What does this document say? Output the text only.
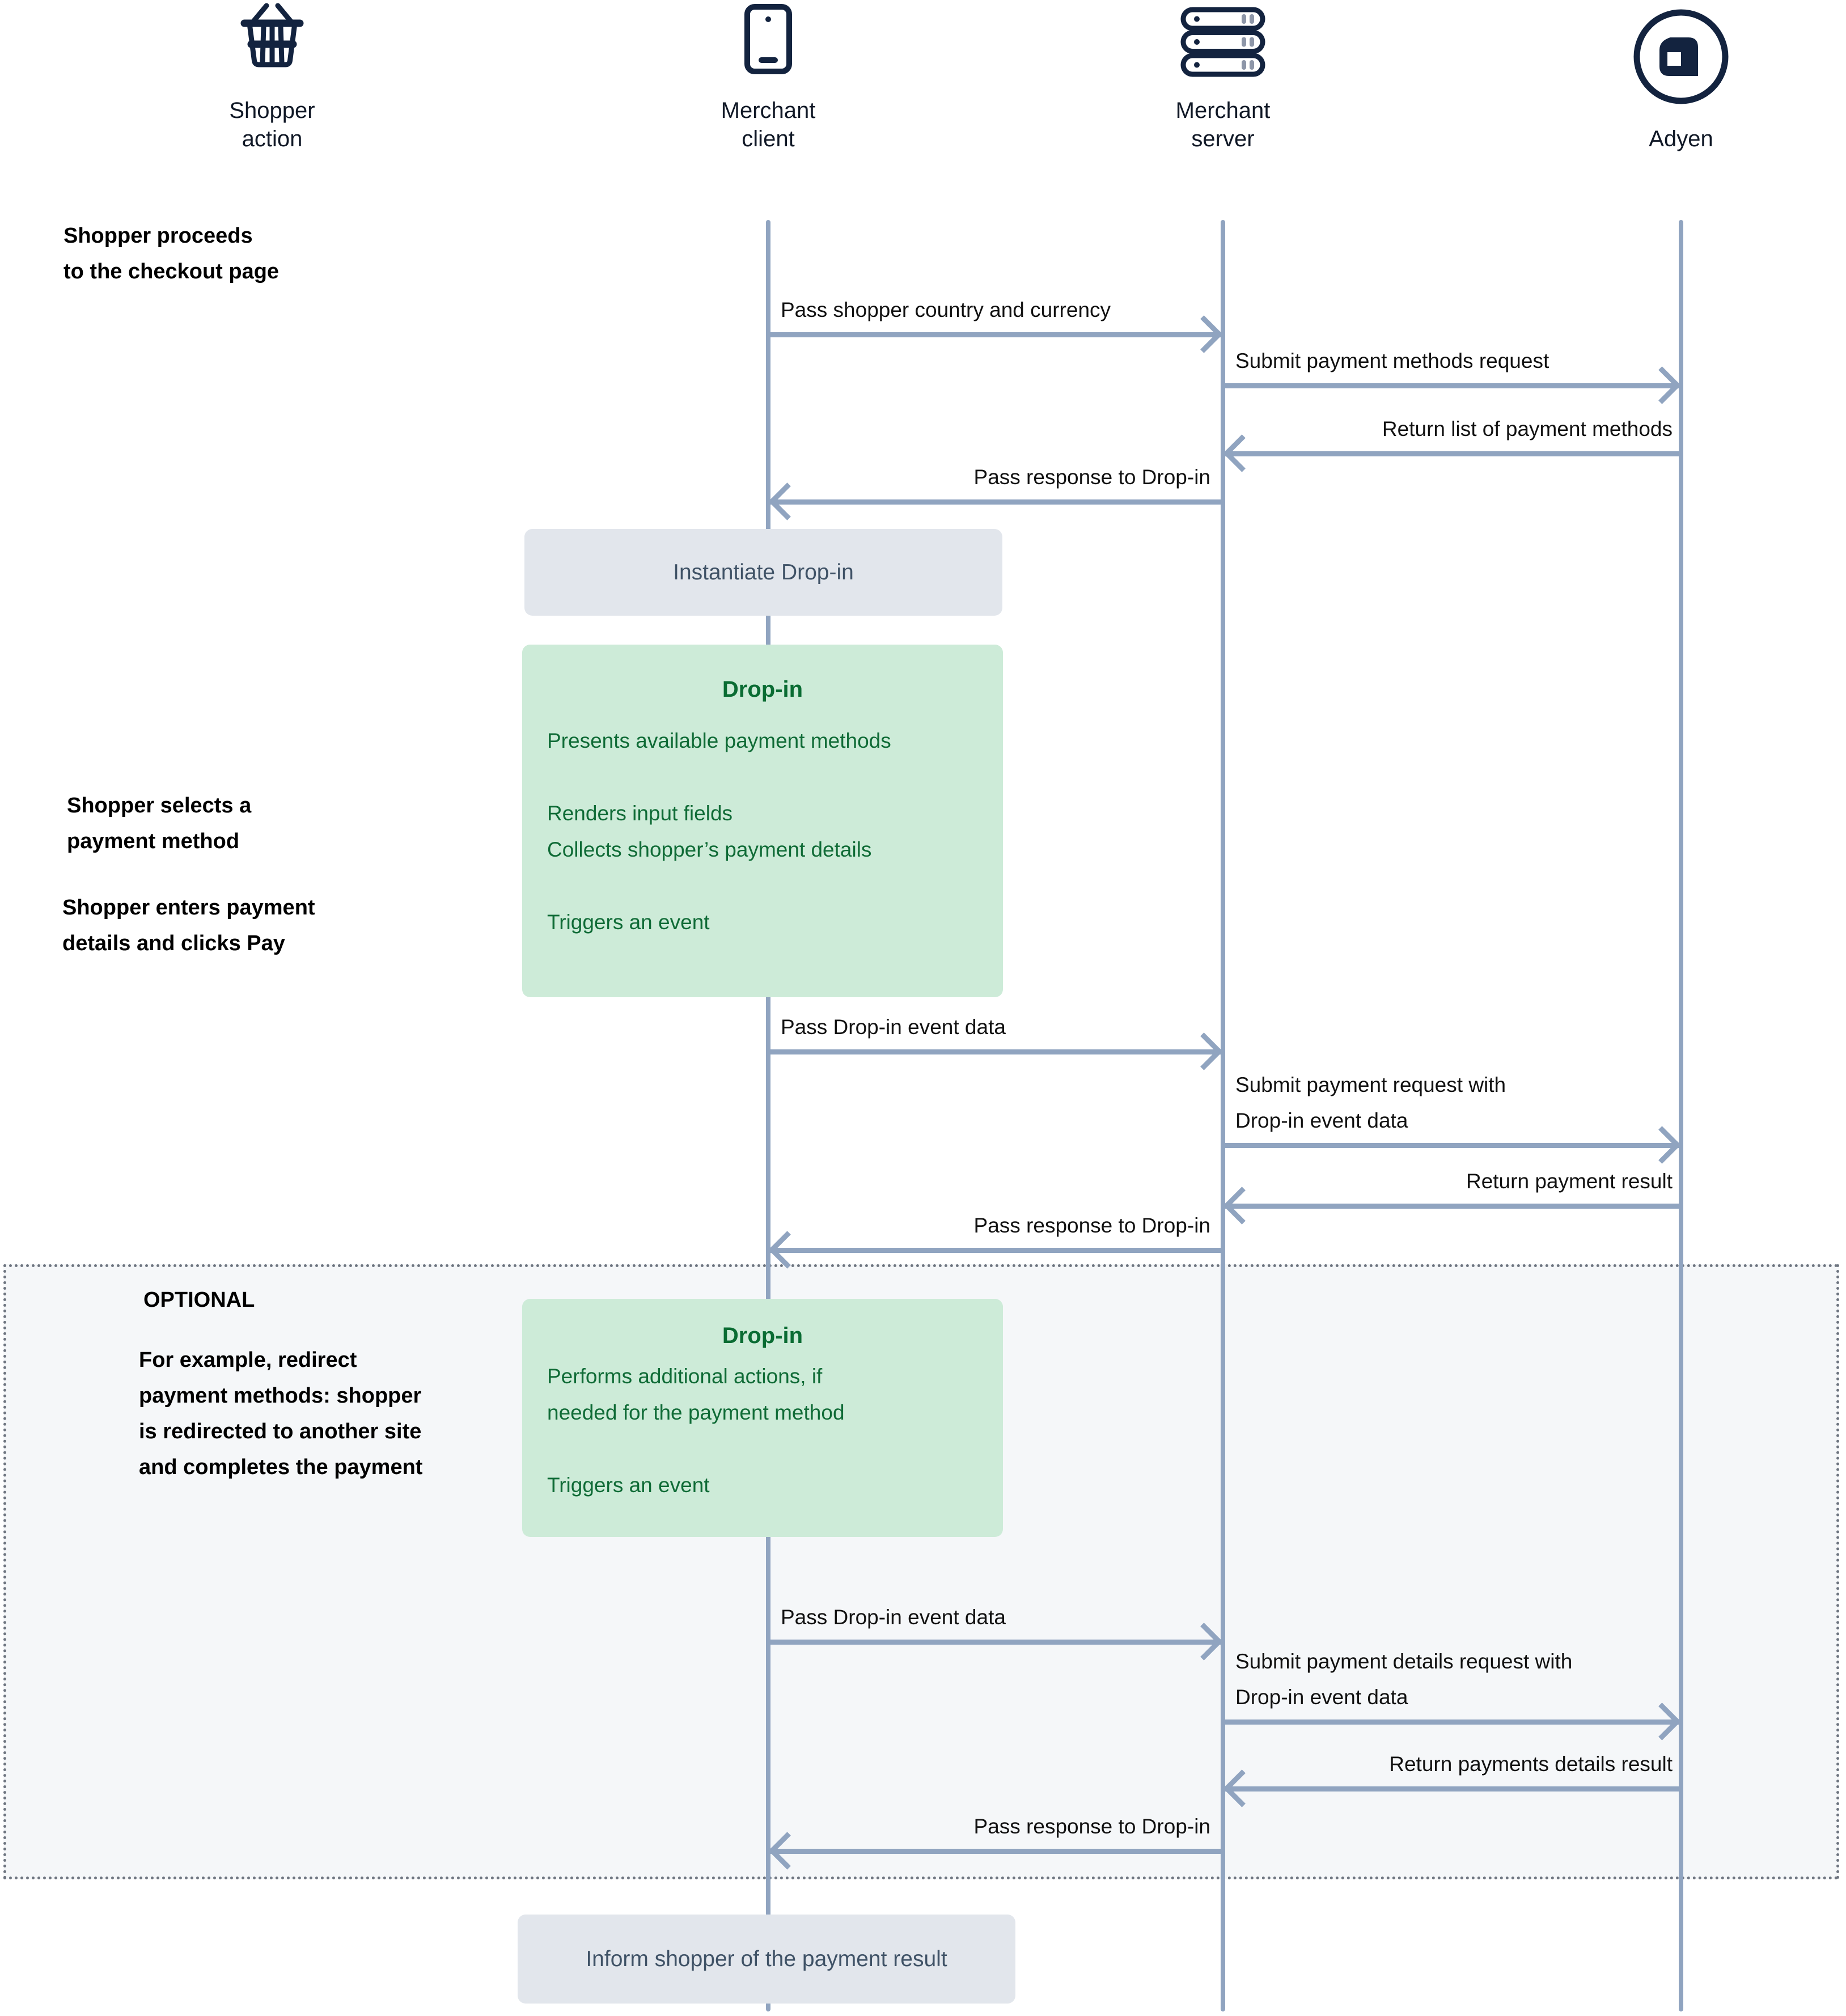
Shopper
action
Merchant
client
Merchant
server	Adyen
Shopper proceeds
to the checkout page
Shopper selects a
payment method
Shopper enters payment
details and clicks Pay
OPTIONAL
For example, redirect
payment methods: shopper
is redirected to another site
and completes the payment
Instantiate Drop-in
Drop-in
Presents available payment methods
Renders input fields
Collects shopper’s payment details
Triggers an event
Drop-in
Performs additional actions, if
needed for the payment method
Triggers an event
Inform shopper of the payment result
Pass shopper country and currency
Submit payment methods request
Return list of payment methods
Pass response to Drop-in
Pass Drop-in event data
Submit payment request with
Drop-in event data
Return payment result
Pass response to Drop-in
Pass Drop-in event data
Submit payment details request with
Drop-in event data
Return payments details result
Pass response to Drop-in
